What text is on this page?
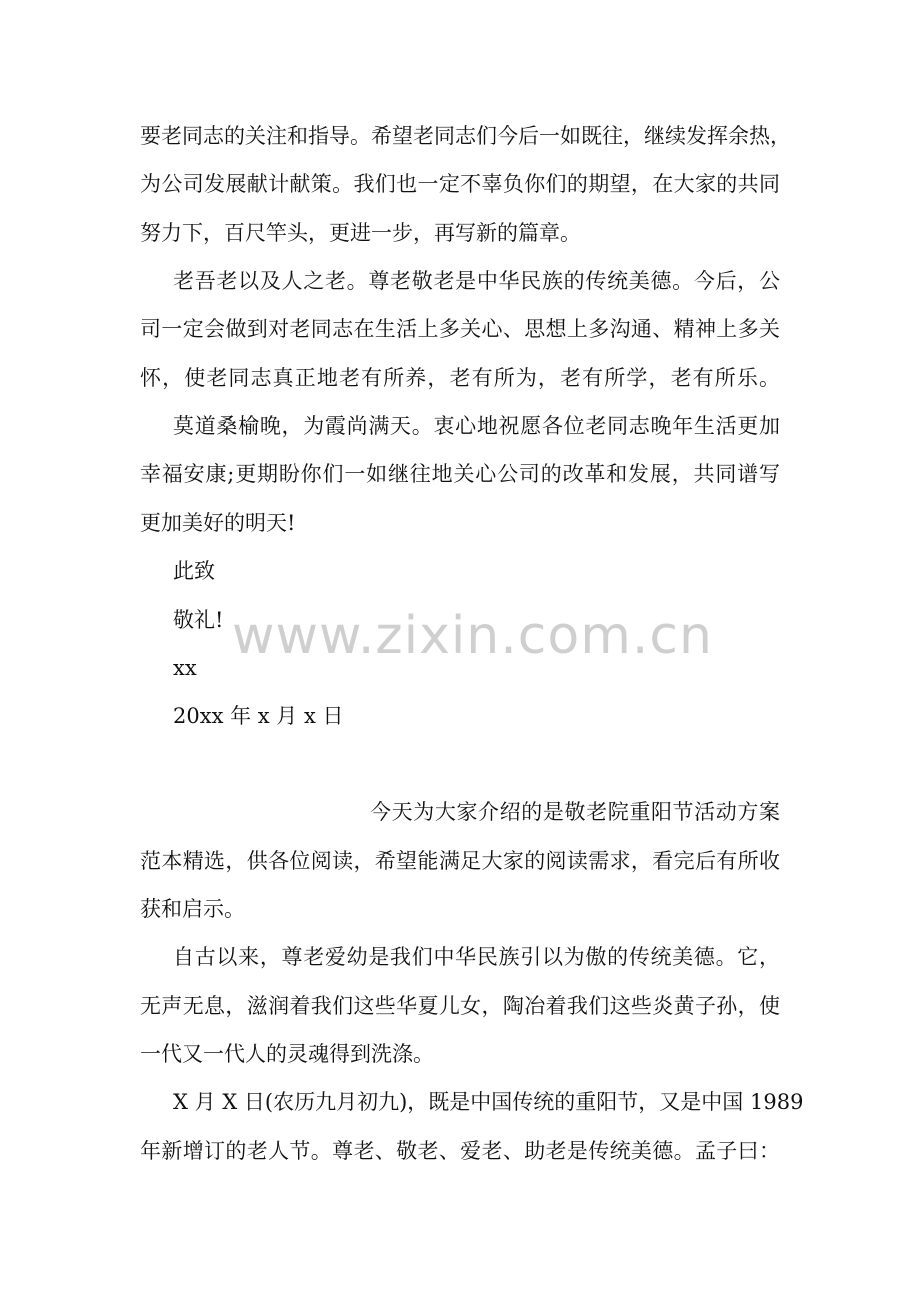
要老同志的关注和指导。希望老同志们今后一如既往，继续发挥余热，
为公司发展献计献策。我们也一定不辜负你们的期望，在大家的共同
努力下，百尺竿头，更进一步，再写新的篇章。
老吾老以及人之老。尊老敬老是中华民族的传统美德。今后，公
司一定会做到对老同志在生活上多关心、思想上多沟通、精神上多关
怀，使老同志真正地老有所养，老有所为，老有所学，老有所乐。
莫道桑榆晚，为霞尚满天。衷心地祝愿各位老同志晚年生活更加
幸福安康;更期盼你们一如继往地关心公司的改革和发展，共同谱写
更加美好的明天!
此致
敬礼!
xx
20xx 年 x 月 x 日
今天为大家介绍的是敬老院重阳节活动方案
范本精选，供各位阅读，希望能满足大家的阅读需求，看完后有所收
获和启示。
自古以来，尊老爱幼是我们中华民族引以为傲的传统美德。它，
无声无息，滋润着我们这些华夏儿女，陶冶着我们这些炎黄子孙，使
一代又一代人的灵魂得到洗涤。
X 月 X 日(农历九月初九)，既是中国传统的重阳节，又是中国 1989
年新增订的老人节。尊老、敬老、爱老、助老是传统美德。孟子曰：
www.zixin.com.cn
